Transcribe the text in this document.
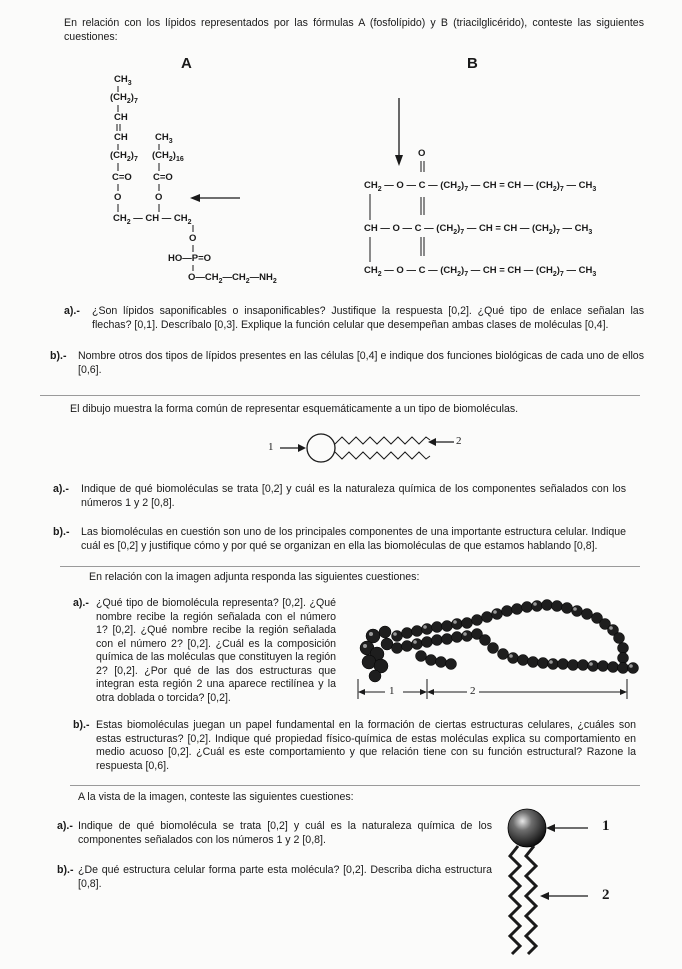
En relación con los lípidos representados por las fórmulas A (fosfolípido) y B (triacilglicérido), conteste las siguientes cuestiones:
A	B
$CH_3$
$(CH_2)_7$
CH
CH
$(CH_2)_7$
$CH_3$
$(CH_2)_{16}$
C=O C=O
O	O
$CH_2$ — CH — $CH_2$
O
HO—P=O
$O—CH_2—CH_2—NH_2$
O
$CH_2$ — O — C — $(CH_2)_7$ — CH = CH — $(CH_2)_7$ — $CH_3$
CH — O — C — $(CH_2)_7$ — CH = CH — $(CH_2)_7$ — $CH_3$
$CH_2$ — O — C — $(CH_2)_7$ — CH = CH — $(CH_2)_7$ — $CH_3$
a).- ¿Son lípidos saponificables o insaponificables? Justifique la respuesta [0,2]. ¿Qué tipo de enlace señalan las flechas? [0,1]. Descríbalo [0,3]. Explique la función celular que desempeñan ambas clases de moléculas [0,4].
b).- Nombre otros dos tipos de lípidos presentes en las células [0,4] e indique dos funciones biológicas de cada uno de ellos [0,6].
El dibujo muestra la forma común de representar esquemáticamente a un tipo de biomoléculas.
1	2
a).- Indique de qué biomoléculas se trata [0,2] y cuál es la naturaleza química de los componentes señalados con los números 1 y 2 [0,8].
b).- Las biomoléculas en cuestión son uno de los principales componentes de una importante estructura celular. Indique cuál es [0,2] y justifique cómo y por qué se organizan en ella las biomoléculas de que estamos hablando [0,8].
En relación con la imagen adjunta responda las siguientes cuestiones:
a).- ¿Qué tipo de biomolécula representa? [0,2]. ¿Qué nombre recibe la región señalada con el número 1? [0,2]. ¿Qué nombre recibe la región señalada con el número 2? [0,2]. ¿Cuál es la composición química de las moléculas que constituyen la región 2? [0,2]. ¿Por qué de las dos estructuras que integran esta región 2 una aparece rectilínea y la otra doblada o torcida? [0,2].
1	2
b).- Estas biomoléculas juegan un papel fundamental en la formación de ciertas estructuras celulares, ¿cuáles son estas estructuras? [0,2]. Indique qué propiedad físico-química de estas moléculas explica su comportamiento en medio acuoso [0,2]. ¿Cuál es este comportamiento y que relación tiene con su función estructural? Razone la respuesta [0,6].
A la vista de la imagen, conteste las siguientes cuestiones:
a).- Indique de qué biomolécula se trata [0,2] y cuál es la naturaleza química de los componentes señalados con los números 1 y 2 [0,8].
b).- ¿De qué estructura celular forma parte esta molécula? [0,2]. Describa dicha estructura [0,8].
1
2
